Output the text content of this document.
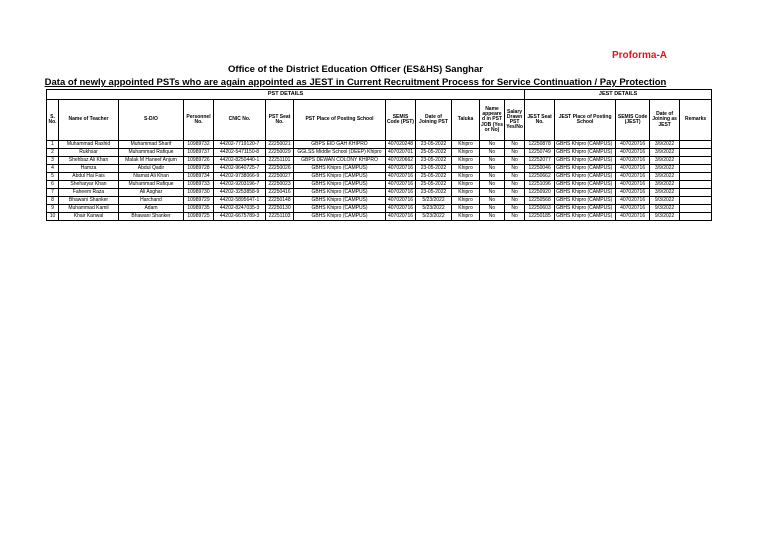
Proforma-A
Office of the District Education Officer (ES&HS) Sanghar
Data of newly appointed PSTs who are again appointed as JEST in Current Recruitment Process for Service Continuation / Pay Protection
PST DETAILS												JEST DETAILS				
S. No.	Name of Teacher	S-D/O	Personnel No.	CNIC No.	PST Seat No.	PST Place of Posting School	SEMIS Code (PST)	Date of Joining PST	Taluka	Name appeare d in PST JOB (Yes or No)	Salary Drawn PST Yes/No	JEST Seat No.	JEST Place of Posting School	SEMIS Code (JEST)	Date of Joining as JEST	Remarks
1	Muhammad Rashid	Muhammad Sharif	10989732	44202-7719120-7	22250021	GBPS EID GAH KHIPRO	407020248	23-05-2022	Khipro	No	No	12250878	GBHS Khipro (CAMPUS)	407020716	3/9/2022	
2	Rukhsar	Muhammad Rafique	10989737	44202-5471150-8	22250029	GGLSS Middle School (DEEP) Khipro	407020701	25-05-2022	Khipro	No	No	12250749	GBHS Khipro (CAMPUS)	407020716	3/9/2022	
3	Shehbaz Ali Khan	Malak M Haneef Anjum	10989726	44202-8250440-1	22251101	GBPS DEWAN COLONY KHIPRO	407020662	23-05-2022	Khipro	No	No	12252077	GBHS Khipro (CAMPUS)	407020716	3/9/2022	
4	Hamza	Abdul Qadir	10989728	44202-9640725-7	22250026	GBHS Khipro (CAMPUS)	407020716	23-05-2022	Khipro	No	No	12250046	GBHS Khipro (CAMPUS)	407020716	3/9/2022	
5	Abdul Hai Fais	Niamat Ali Khan	10989734	44202-9738066-9	22250027	GBHS Khipro (CAMPUS)	407020716	25-05-2022	Khipro	No	No	12250662	GBHS Khipro (CAMPUS)	407020716	3/9/2022	
6	Sheharyar Khan	Muhammad Rafique	10989733	44202-9203196-7	22250023	GBHS Khipro (CAMPUS)	407020716	25-05-2022	Khipro	No	No	12251096	GBHS Khipro (CAMPUS)	407020716	3/9/2022	
7	Faheem Raza	Ali Asghar	10989730	44202-3253858-9	22250416	GBHS Khipro (CAMPUS)	407020716	23-05-2022	Khipro	No	No	12250920	GBHS Khipro (CAMPUS)	407020716	3/9/2022	
8	Bhawani Shanker	Harchand	10989729	44202-5895647-1	22250148	GBHS Khipro (CAMPUS)	407020716	5/23/2022	Khipro	No	No	12250568	GBHS Khipro (CAMPUS)	407020716	9/3/2022	
9	Muhammad Kamil	Adam	10989735	44202-8247035-3	22250130	GBHS Khipro (CAMPUS)	407020716	5/23/2022	Khipro	No	No	12250603	GBHS Khipro (CAMPUS)	407020716	9/3/2022	
10	Khair Kanwal	Bhawani Shanker	10989725	44202-6675789-3	22251103	GBHS Khipro (CAMPUS)	407020716	5/23/2022	Khipro	No	No	12250185	GBHS Khipro (CAMPUS)	407020716	9/3/2022	
